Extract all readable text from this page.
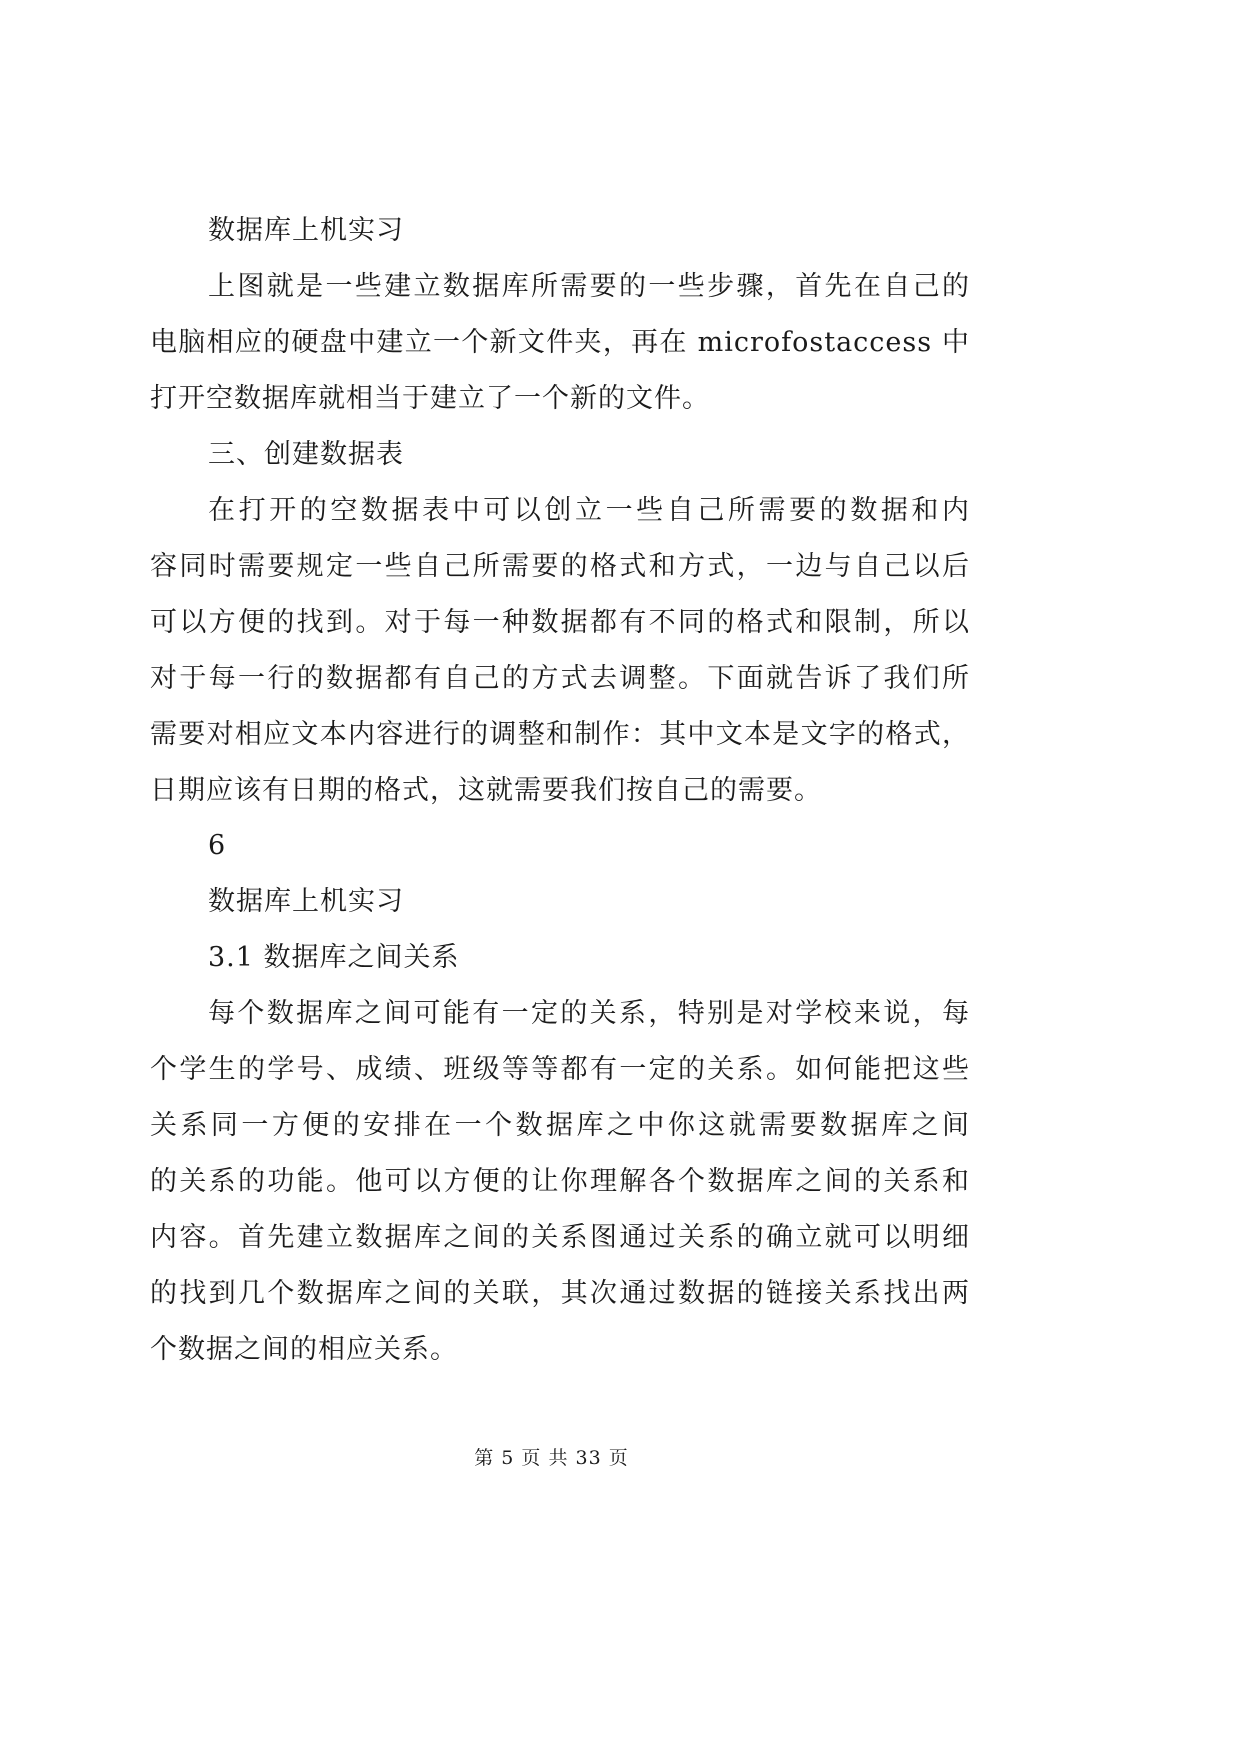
数据库上机实习
上图就是一些建立数据库所需要的一些步骤，首先在自己的
电脑相应的硬盘中建立一个新文件夹，再在 microfostaccess 中
打开空数据库就相当于建立了一个新的文件。
三、创建数据表
在打开的空数据表中可以创立一些自己所需要的数据和内
容同时需要规定一些自己所需要的格式和方式，一边与自己以后
可以方便的找到。对于每一种数据都有不同的格式和限制，所以
对于每一行的数据都有自己的方式去调整。下面就告诉了我们所
需要对相应文本内容进行的调整和制作：其中文本是文字的格式，
日期应该有日期的格式，这就需要我们按自己的需要。
6
数据库上机实习
3.1 数据库之间关系
每个数据库之间可能有一定的关系，特别是对学校来说，每
个学生的学号、成绩、班级等等都有一定的关系。如何能把这些
关系同一方便的安排在一个数据库之中你这就需要数据库之间
的关系的功能。他可以方便的让你理解各个数据库之间的关系和
内容。首先建立数据库之间的关系图通过关系的确立就可以明细
的找到几个数据库之间的关联，其次通过数据的链接关系找出两
个数据之间的相应关系。
第 5 页 共 33 页
